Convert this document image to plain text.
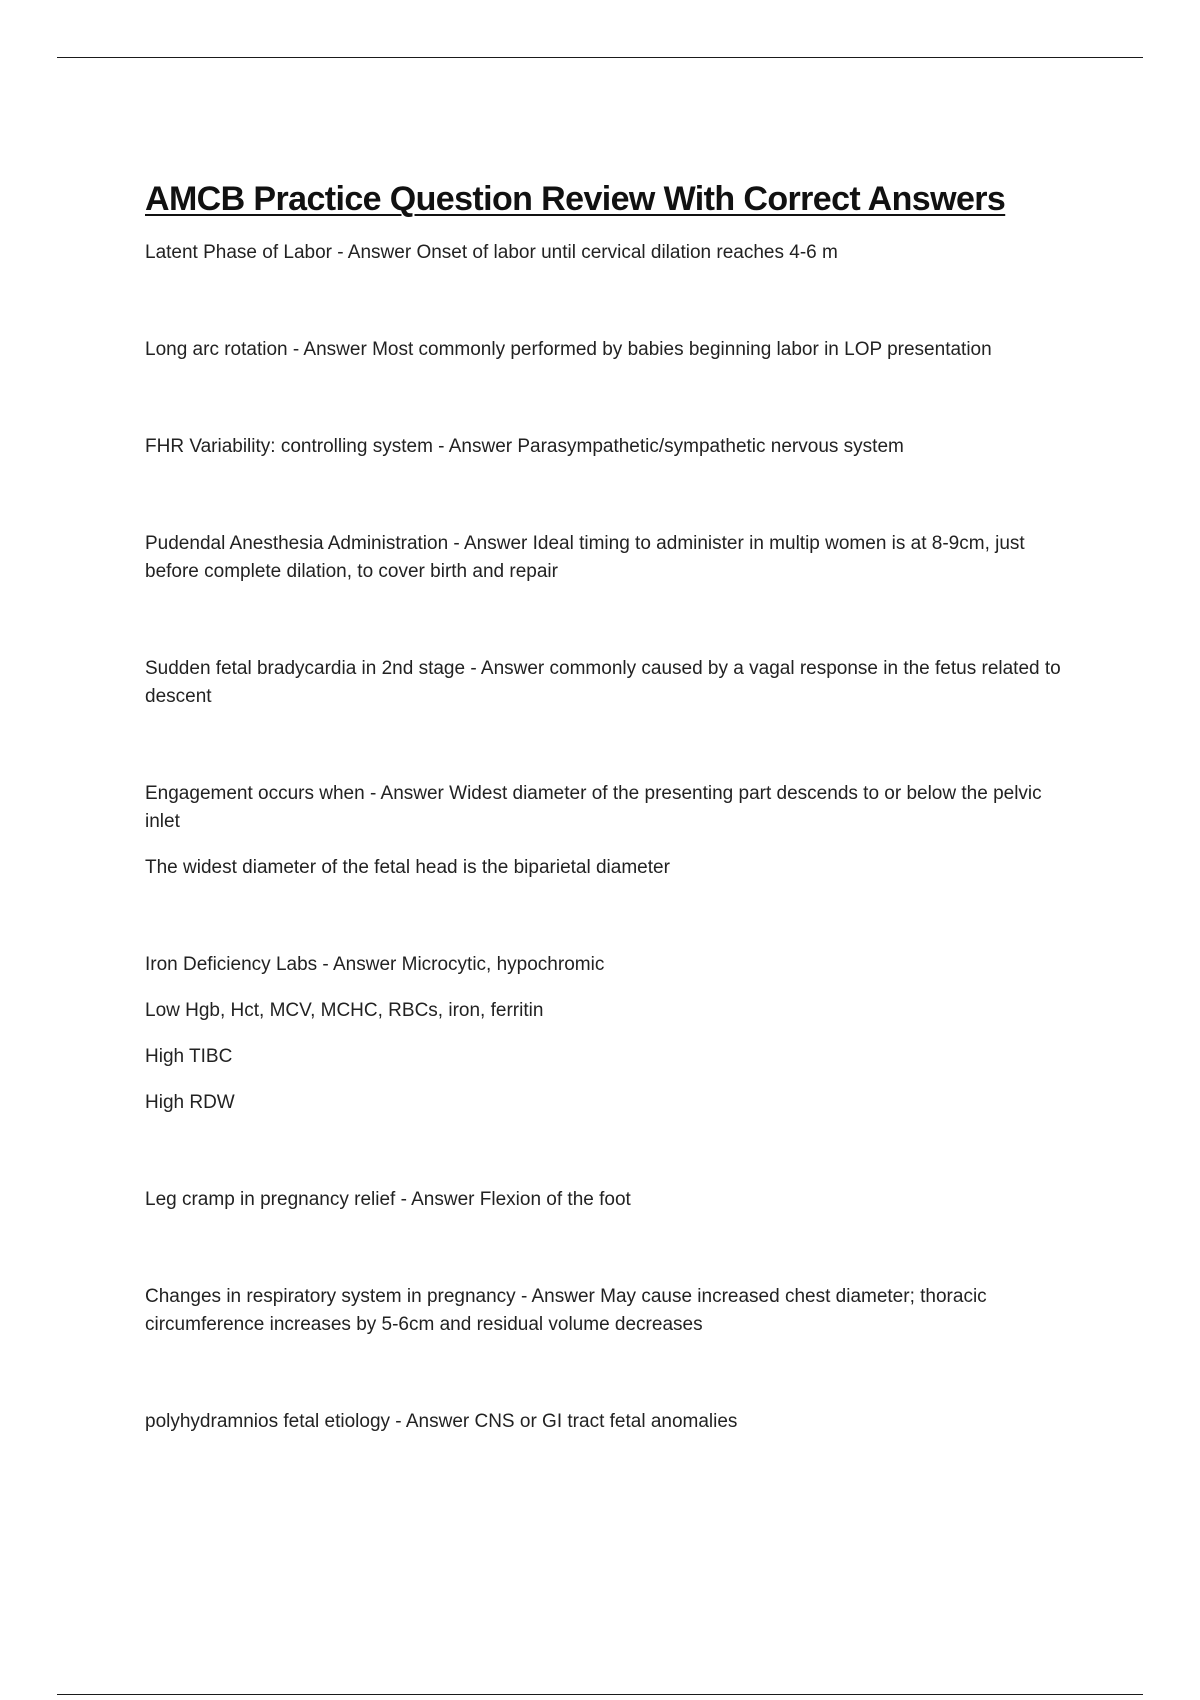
AMCB Practice Question Review With Correct Answers

Latent Phase of Labor - Answer Onset of labor until cervical dilation reaches 4-6 m

Long arc rotation - Answer Most commonly performed by babies beginning labor in LOP presentation

FHR Variability: controlling system - Answer Parasympathetic/sympathetic nervous system

Pudendal Anesthesia Administration - Answer Ideal timing to administer in multip women is at 8-9cm, just before complete dilation, to cover birth and repair

Sudden fetal bradycardia in 2nd stage - Answer commonly caused by a vagal response in the fetus related to descent

Engagement occurs when - Answer Widest diameter of the presenting part descends to or below the pelvic inlet

The widest diameter of the fetal head is the biparietal diameter

Iron Deficiency Labs - Answer Microcytic, hypochromic

Low Hgb, Hct, MCV, MCHC, RBCs, iron, ferritin

High TIBC

High RDW

Leg cramp in pregnancy relief - Answer Flexion of the foot

Changes in respiratory system in pregnancy - Answer May cause increased chest diameter; thoracic circumference increases by 5-6cm and residual volume decreases

polyhydramnios fetal etiology - Answer CNS or GI tract fetal anomalies
